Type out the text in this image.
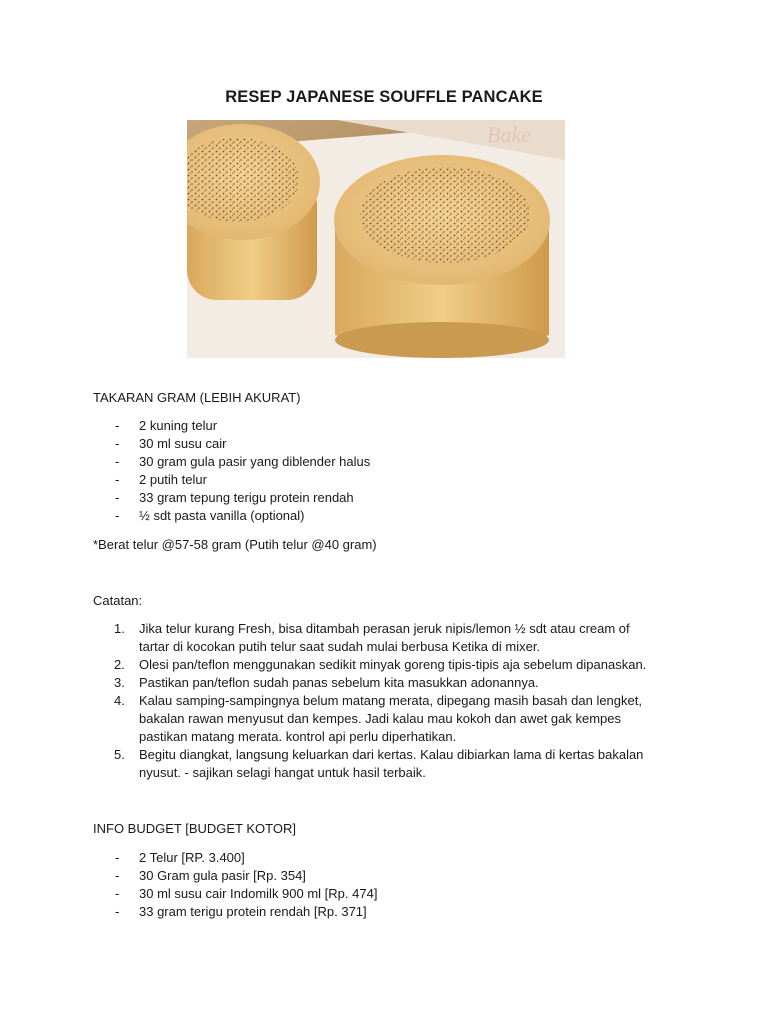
RESEP JAPANESE SOUFFLE PANCAKE
Bake

TAKARAN GRAM (LEBIH AKURAT)

- 2 kuning telur
- 30 ml susu cair
- 30 gram gula pasir yang diblender halus
- 2 putih telur
- 33 gram tepung terigu protein rendah
- ½ sdt pasta vanilla (optional)

*Berat telur @57-58 gram (Putih telur @40 gram)

Catatan:

1. Jika telur kurang Fresh, bisa ditambah perasan jeruk nipis/lemon ½ sdt atau cream of
tartar di kocokan putih telur saat sudah mulai berbusa Ketika di mixer.
2. Olesi pan/teflon menggunakan sedikit minyak goreng tipis-tipis aja sebelum dipanaskan.
3. Pastikan pan/teflon sudah panas sebelum kita masukkan adonannya.
4. Kalau samping-sampingnya belum matang merata, dipegang masih basah dan lengket,
bakalan rawan menyusut dan kempes. Jadi kalau mau kokoh dan awet gak kempes
pastikan matang merata. kontrol api perlu diperhatikan.
5. Begitu diangkat, langsung keluarkan dari kertas. Kalau dibiarkan lama di kertas bakalan
nyusut. - sajikan selagi hangat untuk hasil terbaik.

INFO BUDGET [BUDGET KOTOR]

- 2 Telur [RP. 3.400]
- 30 Gram gula pasir [Rp. 354]
- 30 ml susu cair Indomilk 900 ml [Rp. 474]
- 33 gram terigu protein rendah [Rp. 371]
